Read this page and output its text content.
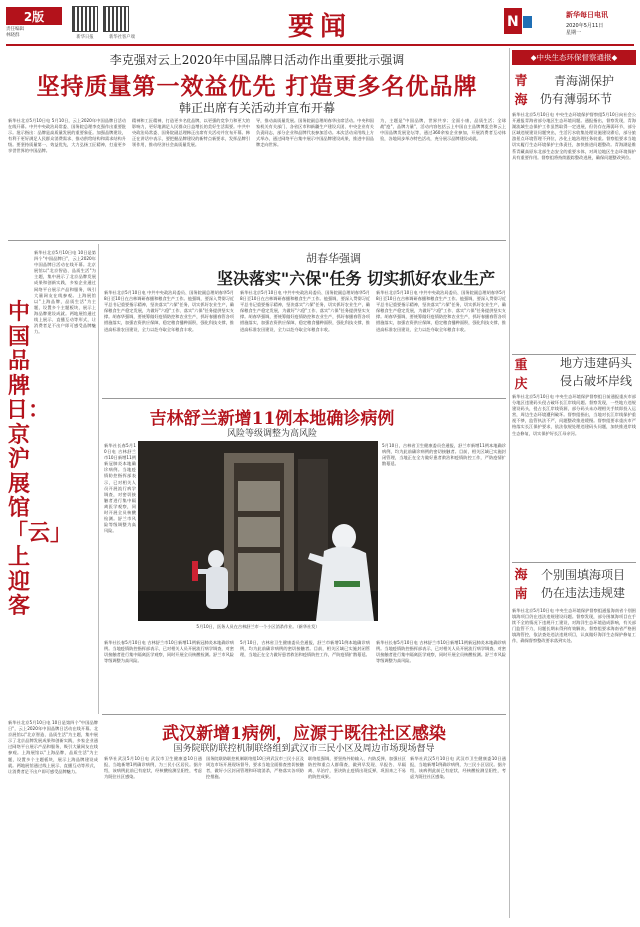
2版
责任编辑
林晓群	新华日报	新华社客户端	要闻	N	新华每日电讯
2020年5月11日
星期一
李克强对云上2020年中国品牌日活动作出重要批示强调
坚持质量第一效益优先 打造更多名优品牌
韩正出席有关活动并宣布开幕
新华社北京5月10日电 5月10日，云上2020年中国品牌日活动在线开幕。中共中央政治局常委、国务院总理李克强作出重要批示。批示指出：品牌是高质量发展的重要象征。加强品牌建设，有利于更好满足人民群众消费需求、推动供给结构和需求结构升级。要坚持质量第一、效益优先，大力弘扬工匠精神，打造更多享誉世界的中国品牌。
精神和工匠精神，打造更多名优品牌，以更强的竞争力和更大的影响力，更好地满足人民群众日益增长的美好生活需要。中共中央政治局常委、国务院副总理韩正出席有关活动并宣布开幕。韩正在讲话中表示，要把握品牌建设的新特点新要求，发挥品牌引领作用，推动经济社会高质量发展。
导，推动高质量发展。国务院副总理胡春华出席活动。中央和国家机关有关部门、各省区市和新疆生产建设兵团、中央企业有关负责同志，部分企业和品牌代表参加活动。本次活动采用线上方式举办，通过网络平台集中展示中国品牌建设成果，推进中国品牌走向世界。
为，主题是"中国品牌，世界共享；全面小康，品质生活；全球战"疫"，品牌力量"，活动内容包括云上中国自主品牌博览会和云上中国品牌发展论坛等，通过360余家企业参加，开展消费者互动体验，各地同步举办特色活动，充分展示品牌建设成就。
◆中央生态环保督察通报◆
青
海
青海湖保护
仍有薄弱环节
新华社北京5月10日电 中央生态环境保护督察组5月10日向社会公开通报青海省部分地区生态环境问题。通报指出，督察发现，青海湖流域生态保护工作虽然取得一定进展，但仍存在薄弱环节，部分区域违规建设问题突出，生活污水收集处理设施建设滞后，部分旅游景点环境管理不到位，沙化土地治理任务较重。督察组要求当地切实履行生态环境保护主体责任，加快推进问题整改。青海湖是维系青藏高原东北部生态安全的重要水体，对周边地区生态环境保护具有重要作用。督察组将持续跟踪整改进展，确保问题整改到位。
重
庆
地方违建码头
侵占破坏岸线
新华社北京5月10日电 中央生态环境保护督察组日前通报重庆市部分地区违建码头侵占破坏长江岸线问题。督察发现，一些地方违规建设码头，侵占长江岸线资源，部分码头未办理相关手续即投入运营，周边生态环境遭到破坏。督察组指出，当地对长江岸线保护重视不够，监管执法不严，问题整改推进缓慢。督察组要求重庆市严格落实长江保护要求，依法依规处理违建码头问题，加快推进岸线生态修复，切实保护好长江母亲河。
海
南
个别围填海项目
仍在违法违规建
新华社北京5月10日电 中央生态环境保护督察组通报海南省个别围填海项目仍在违法违规建设问题。督察发现，部分围填海项目在手续不全的情况下违规开工建设，对海洋生态环境造成影响，有关部门监管不力，问题长期未得到有效解决。督察组要求海南省严格围填海管控，依法查处违法违规项目，认真做好海洋生态保护修复工作，确保督察整改要求落到实处。
中国品牌日：京沪展馆「云」上迎客
新华社北京5月10日电 10日是第四个"中国品牌日"，云上2020年中国品牌日活动在线开幕。北京展馆以"北京智造、品质生活"为主题，集中展示了北京品牌发展成果和创新实践，多家企业通过网络平台展示产品和服务，吸引大量网友在线参观。上海展馆以"上海品牌，品质生活"为主题，设置多个主题板块，展示上海品牌建设成就。两地展馆通过线上展示、直播互动等形式，让消费者足不出户即可感受品牌魅力。
新华社北京5月10日电 10日是第四个"中国品牌日"，云上2020年中国品牌日活动在线开幕。北京展馆以"北京智造、品质生活"为主题，集中展示了北京品牌发展成果和创新实践，多家企业通过网络平台展示产品和服务，吸引大量网友在线参观。上海展馆以"上海品牌，品质生活"为主题，设置多个主题板块，展示上海品牌建设成就。两地展馆通过线上展示、直播互动等形式，让消费者足不出户即可感受品牌魅力。
胡春华强调
坚决落实"六保"任务 切实抓好农业生产
新华社北京5月10日电 中共中央政治局委员、国务院副总理胡春华5月8日至10日在吉林调研春播和粮食生产工作。他强调，要深入贯彻习近平总书记重要指示精神，坚决落实"六保"任务，切实抓好农业生产，确保粮食生产稳定发展，为做好"六稳"工作、落实"六保"任务提供坚实支撑。胡春华强调，要统筹做好疫情防控和农业生产，抓好春播春管各项措施落实，加强农资供应保障，稳定粮食播种面积，强化科技支撑，推进高标准农田建设，全力以赴夺取全年粮食丰收。
新华社北京5月10日电 中共中央政治局委员、国务院副总理胡春华5月8日至10日在吉林调研春播和粮食生产工作。他强调，要深入贯彻习近平总书记重要指示精神，坚决落实"六保"任务，切实抓好农业生产，确保粮食生产稳定发展，为做好"六稳"工作、落实"六保"任务提供坚实支撑。胡春华强调，要统筹做好疫情防控和农业生产，抓好春播春管各项措施落实，加强农资供应保障，稳定粮食播种面积，强化科技支撑，推进高标准农田建设，全力以赴夺取全年粮食丰收。
新华社北京5月10日电 中共中央政治局委员、国务院副总理胡春华5月8日至10日在吉林调研春播和粮食生产工作。他强调，要深入贯彻习近平总书记重要指示精神，坚决落实"六保"任务，切实抓好农业生产，确保粮食生产稳定发展，为做好"六稳"工作、落实"六保"任务提供坚实支撑。胡春华强调，要统筹做好疫情防控和农业生产，抓好春播春管各项措施落实，加强农资供应保障，稳定粮食播种面积，强化科技支撑，推进高标准农田建设，全力以赴夺取全年粮食丰收。
吉林舒兰新增11例本地确诊病例
风险等级调整为高风险
新华社长春5月10日电 吉林舒兰市10日新增11例新冠肺炎本地确诊病例。当地疫情防控指挥部表示，已对相关人员开展流行病学调查，对密切接触者进行集中隔离医学观察，同时开展全员核酸检测。舒兰市风险等级调整为高风险。
5月10日，吉林省卫生健康委员会通报，舒兰市新增11例本地确诊病例，均为此前确诊病例的密切接触者。目前，相关区域已实施封闭管理，当地正在全力做好患者救治和疫情防控工作，严防疫情扩散蔓延。
5月10日，医务人员在吉林舒兰市一个小区消杀作业。（新华社发）
新华社长春5月10日电 吉林舒兰市10日新增11例新冠肺炎本地确诊病例。当地疫情防控指挥部表示，已对相关人员开展流行病学调查，对密切接触者进行集中隔离医学观察，同时开展全员核酸检测。舒兰市风险等级调整为高风险。
5月10日，吉林省卫生健康委员会通报，舒兰市新增11例本地确诊病例，均为此前确诊病例的密切接触者。目前，相关区域已实施封闭管理，当地正在全力做好患者救治和疫情防控工作，严防疫情扩散蔓延。
新华社长春5月10日电 吉林舒兰市10日新增11例新冠肺炎本地确诊病例。当地疫情防控指挥部表示，已对相关人员开展流行病学调查，对密切接触者进行集中隔离医学观察，同时开展全员核酸检测。舒兰市风险等级调整为高风险。
武汉新增1病例，应源于既往社区感染
国务院联防联控机制联络组到武汉市三民小区及周边市场现场督导
新华社武汉5月10日电 武汉市卫生健康委10日通报，当地新增1例确诊病例，为三民小区居民。据介绍，该病例此前已有症状，经核酸检测呈阳性，考虑为既往社区感染。
国务院联防联控机制联络组10日到武汉市三民小区及周边市场开展现场督导，要求当地全面排查密切接触者，做好小区封闭管理和环境消杀，严格落实各项防控措施。
联络组强调，要坚持外防输入、内防反弹，加强社区防控和重点人群筛查，做到早发现、早报告、早隔离、早治疗，坚决防止疫情出现反弹，巩固来之不易的防控成果。
新华社武汉5月10日电 武汉市卫生健康委10日通报，当地新增1例确诊病例，为三民小区居民。据介绍，该病例此前已有症状，经核酸检测呈阳性，考虑为既往社区感染。
